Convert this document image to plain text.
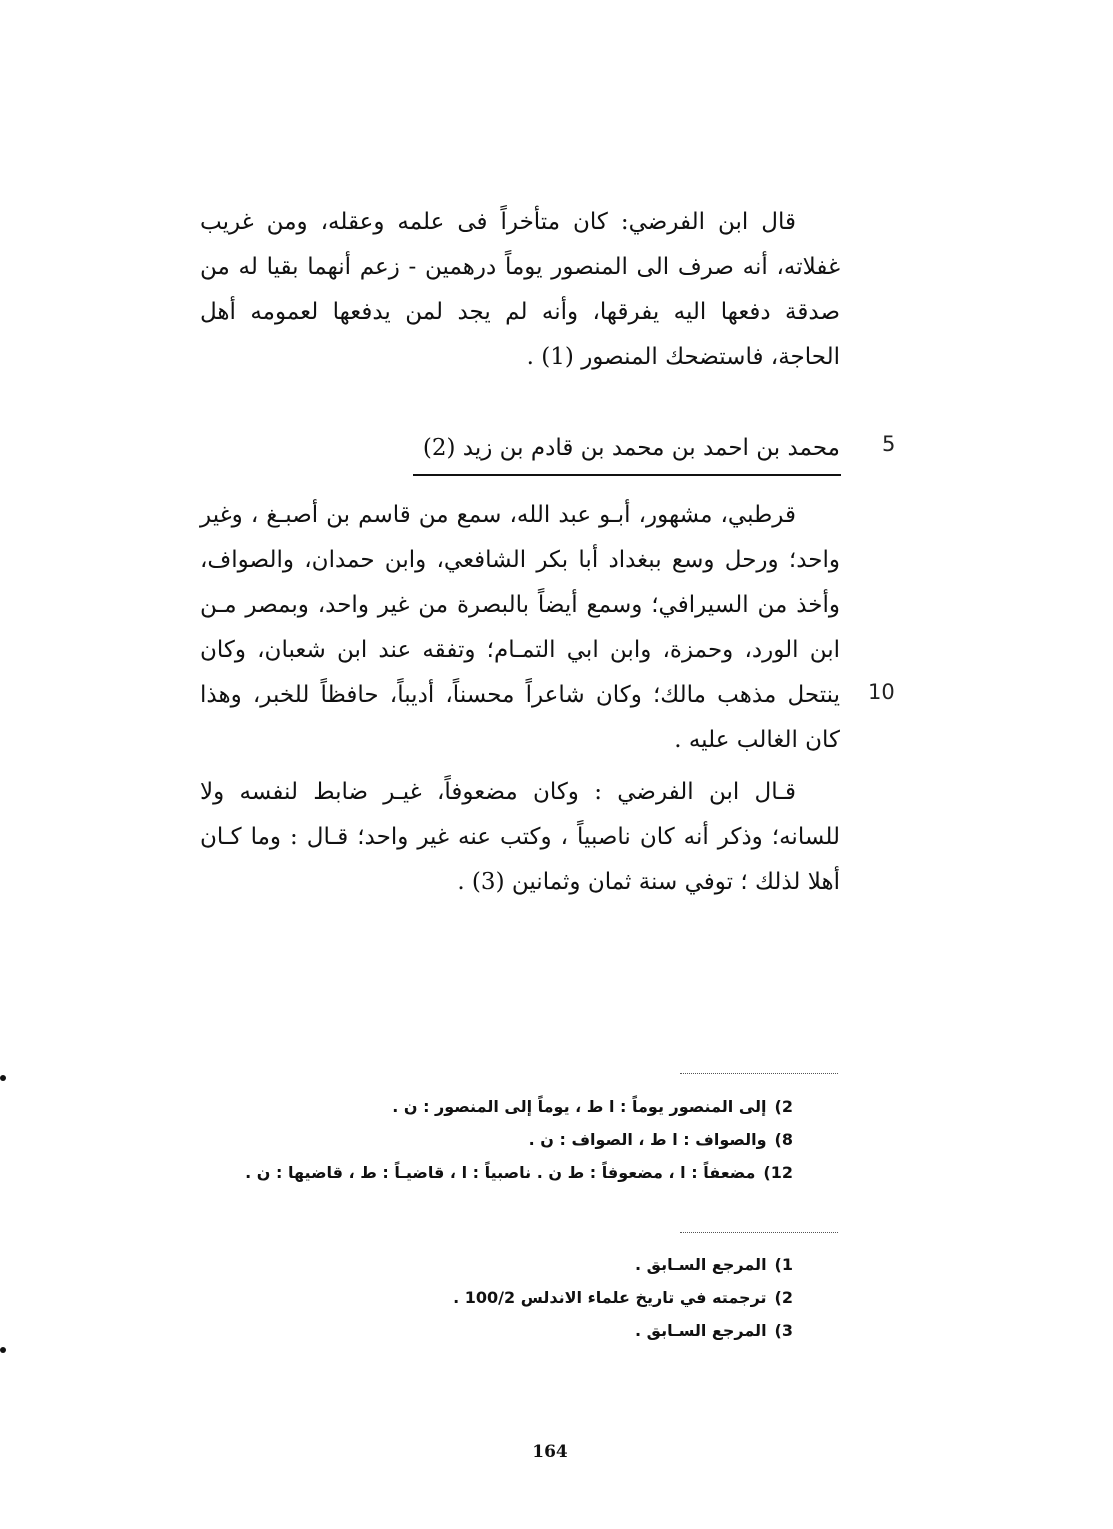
قال ابن الفرضي: كان متأخراً فى علمه وعقله، ومن غريب غفلاته، أنه صرف الى المنصور يوماً درهمين - زعم أنهما بقيا له من صدقة دفعها اليه يفرقها، وأنه لم يجد لمن يدفعها لعمومه أهل الحاجة، فاستضحك المنصور (1) .

5
محمد بن احمد بن محمد بن قادم بن زيد (2)

قرطبي، مشهور، أبـو عبد الله، سمع من قاسم بن أصبـغ ، وغير واحد؛ ورحل وسع ببغداد أبا بكر الشافعي، وابن حمدان، والصواف، وأخذ من السيرافي؛ وسمع أيضاً بالبصرة من غير واحد، وبمصر مـن ابن الورد، وحمزة، وابن ابي التمـام؛ وتفقه عند ابن شعبان، وكان ينتحل مذهب مالك؛ وكان شاعراً محسناً، أديباً، حافظاً للخبر، وهذا كان الغالب عليه .

10

قـال ابن الفرضي : وكان مضعوفاً، غيـر ضابط لنفسه ولا للسانه؛ وذكر أنه كان ناصبياً ، وكتب عنه غير واحد؛ قـال : وما كـان أهلا لذلك ؛ توفي سنة ثمان وثمانين (3) .

2)إلى المنصور يوماً : ا ط ، يوماً إلى المنصور : ن .
8)والصواف : ا ط ، الصواف : ن .
12)مضعفاً : ا ، مضعوفاً : ط ن . ناصبياً : ا ، قاضيـاً : ط ، قاضيها : ن .
1)المرجع السـابق .
2)ترجمته في تاريخ علماء الاندلس 100/2 .
3)المرجع السـابق .
164
